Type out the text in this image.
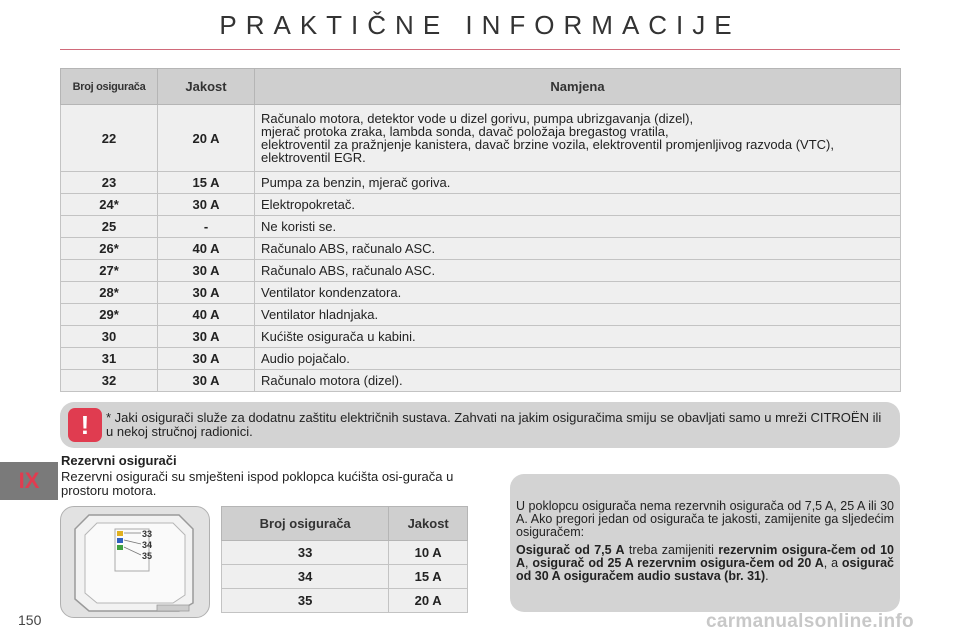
PRAKTIČNE INFORMACIJE
Broj osigurača	Jakost	Namjena
22	20 A	Računalo motora, detektor vode u dizel gorivu, pumpa ubrizgavanja (dizel),
mjerač protoka zraka, lambda sonda, davač položaja bregastog vratila,
elektroventil za pražnjenje kanistera, davač brzine vozila, elektroventil promjenljivog razvoda (VTC), elektroventil EGR.
23	15 A	Pumpa za benzin, mjerač goriva.
24*	30 A	Elektropokretač.
25	-	Ne koristi se.
26*	40 A	Računalo ABS, računalo ASC.
27*	30 A	Računalo ABS, računalo ASC.
28*	30 A	Ventilator kondenzatora.
29*	40 A	Ventilator hladnjaka.
30	30 A	Kućište osigurača u kabini.
31	30 A	Audio pojačalo.
32	30 A	Računalo motora (dizel).
!	* Jaki osigurači služe za dodatnu zaštitu električnih sustava. Zahvati na jakim osiguračima smiju se obavljati samo u mreži CITROËN ili u nekoj stručnoj radionici.
IX
150
Rezervni osigurači
Rezervni osigurači su smješteni ispod poklopca kućišta osi-gurača u prostoru motora.
33
34
35
Broj osigurača	Jakost
33	10 A
34	15 A
35	20 A

U poklopcu osigurača nema rezervnih osigurača od 7,5 A, 25 A ili 30 A. Ako pregori jedan od osigurača te jakosti, zamijenite ga sljedećim osiguračem:

Osigurač od 7,5 A treba zamijeniti rezervnim osigura-čem od 10 A, osigurač od 25 A rezervnim osigura-čem od 20 A, a osigurač od 30 A osiguračem audio sustava (br. 31).

carmanualsonline.info
